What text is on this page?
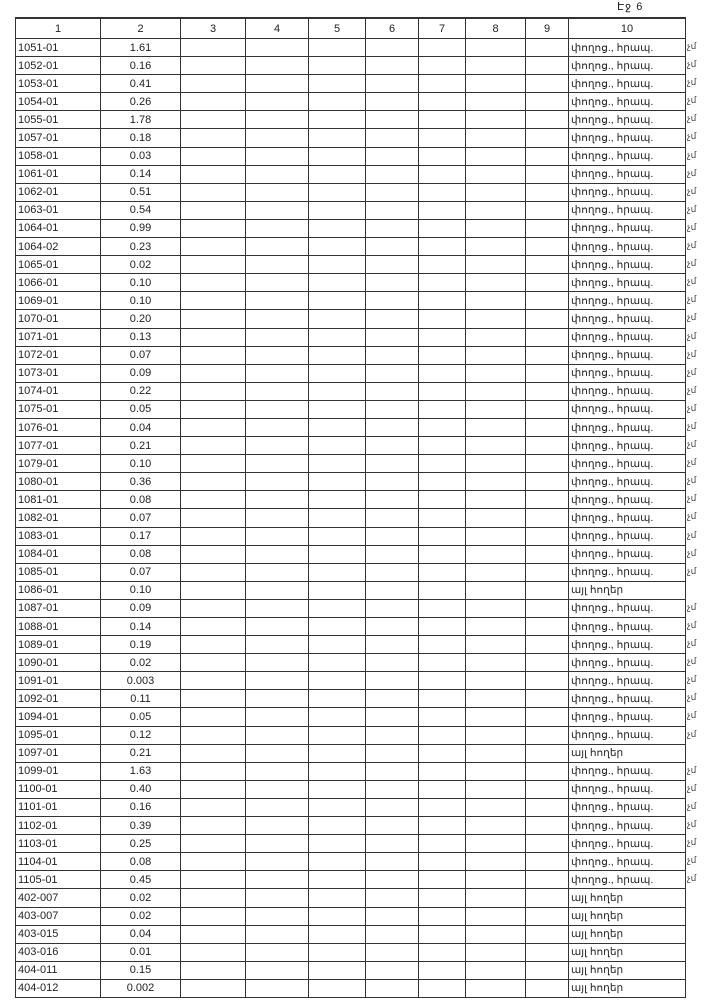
Էջ 6
1	2	3	4	5	6	7	8	9	10
1051-01	1.61								փողոց., հրապ. չմ

1052-01	0.16								փողոց., հրապ. չմ

1053-01	0.41								փողոց., հրապ. չմ

1054-01	0.26								փողոց., հրապ. չմ

1055-01	1.78								փողոց., հրապ. չմ

1057-01	0.18								փողոց., հրապ. չմ

1058-01	0.03								փողոց., հրապ. չմ

1061-01	0.14								փողոց., հրապ. չմ

1062-01	0.51								փողոց., հրապ. չմ

1063-01	0.54								փողոց., հրապ. չմ

1064-01	0.99								փողոց., հրապ. չմ

1064-02	0.23								փողոց., հրապ. չմ

1065-01	0.02								փողոց., հրապ. չմ

1066-01	0.10								փողոց., հրապ. չմ

1069-01	0.10								փողոց., հրապ. չմ

1070-01	0.20								փողոց., հրապ. չմ

1071-01	0.13								փողոց., հրապ. չմ

1072-01	0.07								փողոց., հրապ. չմ

1073-01	0.09								փողոց., հրապ. չմ

1074-01	0.22								փողոց., հրապ. չմ

1075-01	0.05								փողոց., հրապ. չմ

1076-01	0.04								փողոց., հրապ. չմ

1077-01	0.21								փողոց., հրապ. չմ

1079-01	0.10								փողոց., հրապ. չմ

1080-01	0.36								փողոց., հրապ. չմ

1081-01	0.08								փողոց., հրապ. չմ

1082-01	0.07								փողոց., հրապ. չմ

1083-01	0.17								փողոց., հրապ. չմ

1084-01	0.08								փողոց., հրապ. չմ

1085-01	0.07								փողոց., հրապ. չմ

1086-01	0.10								այլ հողեր
1087-01	0.09								փողոց., հրապ. չմ

1088-01	0.14								փողոց., հրապ. չմ

1089-01	0.19								փողոց., հրապ. չմ

1090-01	0.02								փողոց., հրապ. չմ

1091-01	0.003								փողոց., հրապ. չմ

1092-01	0.11								փողոց., հրապ. չմ

1094-01	0.05								փողոց., հրապ. չմ

1095-01	0.12								փողոց., հրապ. չմ

1097-01	0.21								այլ հողեր
1099-01	1.63								փողոց., հրապ. չմ

1100-01	0.40								փողոց., հրապ. չմ

1101-01	0.16								փողոց., հրապ. չմ

1102-01	0.39								փողոց., հրապ. չմ

1103-01	0.25								փողոց., հրապ. չմ

1104-01	0.08								փողոց., հրապ. չմ

1105-01	0.45								փողոց., հրապ. չմ

402-007	0.02								այլ հողեր
403-007	0.02								այլ հողեր
403-015	0.04								այլ հողեր
403-016	0.01								այլ հողեր
404-011	0.15								այլ հողեր
404-012	0.002								այլ հողեր
